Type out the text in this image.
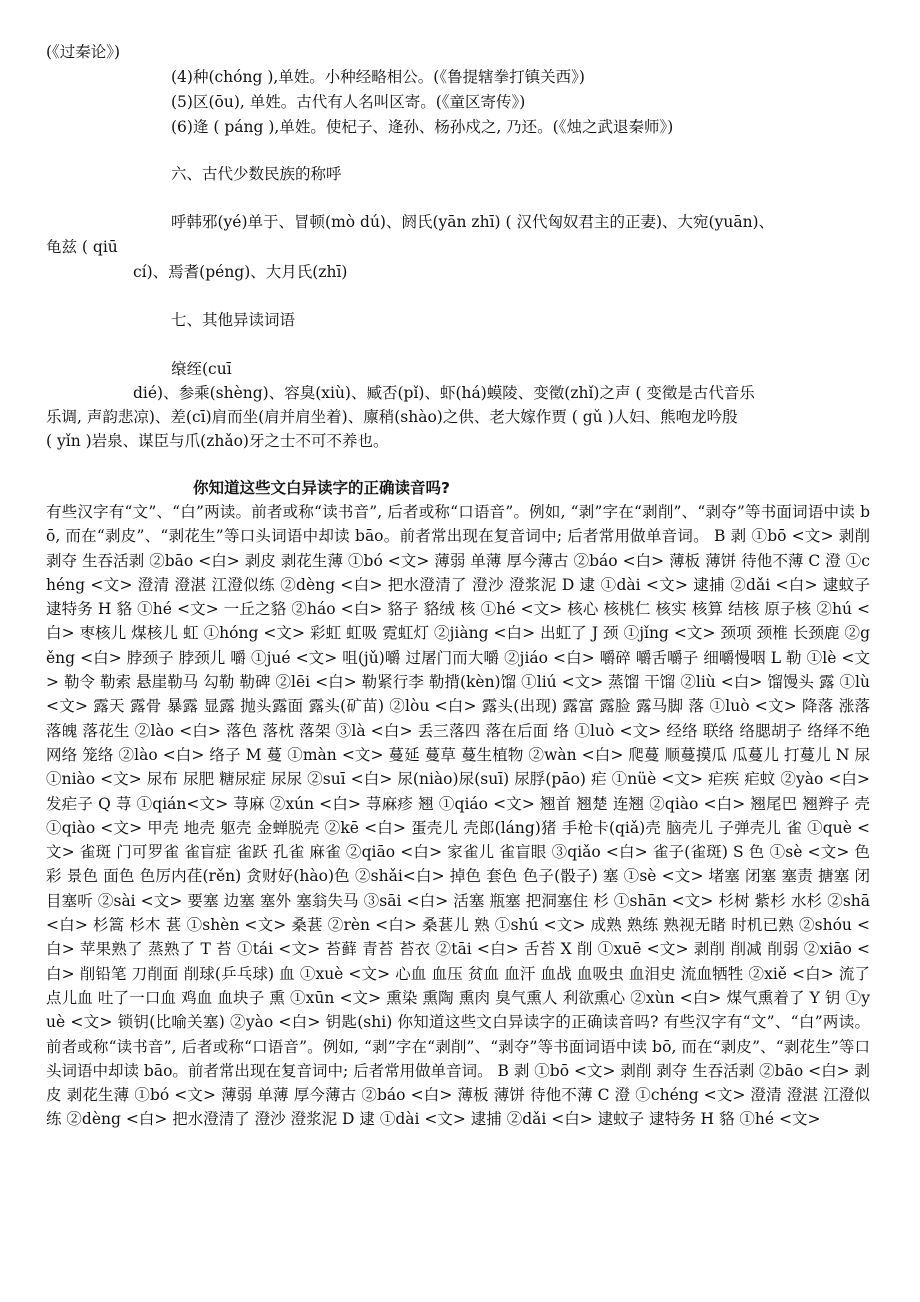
(《过秦论》)
(4)种(chóng ),单姓。小种经略相公。(《鲁提辖拳打镇关西》)
(5)区(ōu), 单姓。古代有人名叫区寄。(《童区寄传》)
(6)逄 ( páng ),单姓。使杞子、逄孙、杨孙戍之, 乃还。(《烛之武退秦师》)
六、古代少数民族的称呼
呼韩邪(yé)单于、冒顿(mò dú)、阏氏(yān zhī) ( 汉代匈奴君主的正妻)、大宛(yuān)、
龟兹 ( qiū
cí)、焉耆(péng)、大月氏(zhī)
七、其他异读词语
缞绖(cuī
dié)、参乘(shèng)、容臭(xiù)、臧否(pǐ)、虾(há)蟆陵、变徵(zhǐ)之声 ( 变徵是古代音乐
乐调, 声韵悲凉)、差(cī)肩而坐(肩并肩坐着)、廪稍(shào)之供、老大嫁作贾 ( gǔ )人妇、熊咆龙吟殷
( yǐn )岩泉、谋臣与爪(zhǎo)牙之士不可不养也。
你知道这些文白异读字的正确读音吗?
有些汉字有“文”、“白”两读。前者或称“读书音”, 后者或称“口语音”。例如, “剥”字在“剥削”、“剥夺”等书面词语中读 bō, 而在“剥皮”、“剥花生”等口头词语中却读 bāo。前者常出现在复音词中; 后者常用做单音词。 B 剥 ①bō <文> 剥削 剥夺 生吞活剥 ②bāo <白> 剥皮 剥花生薄 ①bó <文> 薄弱 单薄 厚今薄古 ②báo <白> 薄板 薄饼 待他不薄 C 澄 ①chéng <文> 澄清 澄湛 江澄似练 ②dèng <白> 把水澄清了 澄沙 澄浆泥 D 逮 ①dài <文> 逮捕 ②dǎi <白> 逮蚊子 逮特务 H 貉 ①hé <文> 一丘之貉 ②háo <白> 貉子 貉绒 核 ①hé <文> 核心 核桃仁 核实 核算 结核 原子核 ②hú <白> 枣核儿 煤核儿 虹 ①hóng <文> 彩虹 虹吸 霓虹灯 ②jiàng <白> 出虹了 J 颈 ①jǐng <文> 颈项 颈椎 长颈鹿 ②gěng <白> 脖颈子 脖颈儿 嚼 ①jué <文> 咀(jǔ)嚼 过屠门而大嚼 ②jiáo <白> 嚼碎 嚼舌嚼子 细嚼慢咽 L 勒 ①lè <文> 勒令 勒索 悬崖勒马 勾勒 勒碑 ②lēi <白> 勒紧行李 勒揹(kèn)馏 ①liú <文> 蒸馏 干馏 ②liù <白> 馏馒头 露 ①lù <文> 露天 露骨 暴露 显露 抛头露面 露头(矿苗) ②lòu <白> 露头(出现) 露富 露脸 露马脚 落 ①luò <文> 降落 涨落 落魄 落花生 ②lào <白> 落色 落枕 落架 ③là <白> 丢三落四 落在后面 络 ①luò <文> 经络 联络 络腮胡子 络绎不绝 网络 笼络 ②lào <白> 络子 M 蔓 ①màn <文> 蔓延 蔓草 蔓生植物 ②wàn <白> 爬蔓 顺蔓摸瓜 瓜蔓儿 打蔓儿 N 尿 ①niào <文> 尿布 尿肥 糖尿症 尿尿 ②suī <白> 尿(niào)尿(suī) 尿脬(pāo) 疟 ①nüè <文> 疟疾 疟蚊 ②yào <白> 发疟子 Q 荨 ①qián<文> 荨麻 ②xún <白> 荨麻疹 翘 ①qiáo <文> 翘首 翘楚 连翘 ②qiào <白> 翘尾巴 翘辫子 壳 ①qiào <文> 甲壳 地壳 躯壳 金蝉脱壳 ②kē <白> 蛋壳儿 壳郎(láng)猪 手枪卡(qiǎ)壳 脑壳儿 子弹壳儿 雀 ①què <文> 雀斑 门可罗雀 雀盲症 雀跃 孔雀 麻雀 ②qiāo <白> 家雀儿 雀盲眼 ③qiǎo <白> 雀子(雀斑) S 色 ①sè <文> 色彩 景色 面色 色厉内荏(rěn) 贪财好(hào)色 ②shǎi<白> 掉色 套色 色子(骰子) 塞 ①sè <文> 堵塞 闭塞 塞责 搪塞 闭目塞听 ②sài <文> 要塞 边塞 塞外 塞翁失马 ③sāi <白> 活塞 瓶塞 把洞塞住 杉 ①shān <文> 杉树 紫杉 水杉 ②shā <白> 杉篙 杉木 葚 ①shèn <文> 桑葚 ②rèn <白> 桑葚儿 熟 ①shú <文> 成熟 熟练 熟视无睹 时机已熟 ②shóu <白> 苹果熟了 蒸熟了 T 苔 ①tái <文> 苔藓 青苔 苔衣 ②tāi <白> 舌苔 X 削 ①xuē <文> 剥削 削减 削弱 ②xiāo <白> 削铅笔 刀削面 削球(乒乓球) 血 ①xuè <文> 心血 血压 贫血 血汗 血战 血吸虫 血泪史 流血牺牲 ②xiě <白> 流了点儿血 吐了一口血 鸡血 血块子 熏 ①xūn <文> 熏染 熏陶 熏肉 臭气熏人 利欲熏心 ②xùn <白> 煤气熏着了 Y 钥 ①yuè <文> 锁钥(比喻关塞) ②yào <白> 钥匙(shi) 你知道这些文白异读字的正确读音吗? 有些汉字有“文”、“白”两读。前者或称“读书音”, 后者或称“口语音”。例如, “剥”字在“剥削”、“剥夺”等书面词语中读 bō, 而在“剥皮”、“剥花生”等口头词语中却读 bāo。前者常出现在复音词中; 后者常用做单音词。 B 剥 ①bō <文> 剥削 剥夺 生吞活剥 ②bāo <白> 剥皮 剥花生薄 ①bó <文> 薄弱 单薄 厚今薄古 ②báo <白> 薄板 薄饼 待他不薄 C 澄 ①chéng <文> 澄清 澄湛 江澄似练 ②dèng <白> 把水澄清了 澄沙 澄浆泥 D 逮 ①dài <文> 逮捕 ②dǎi <白> 逮蚊子 逮特务 H 貉 ①hé <文>
